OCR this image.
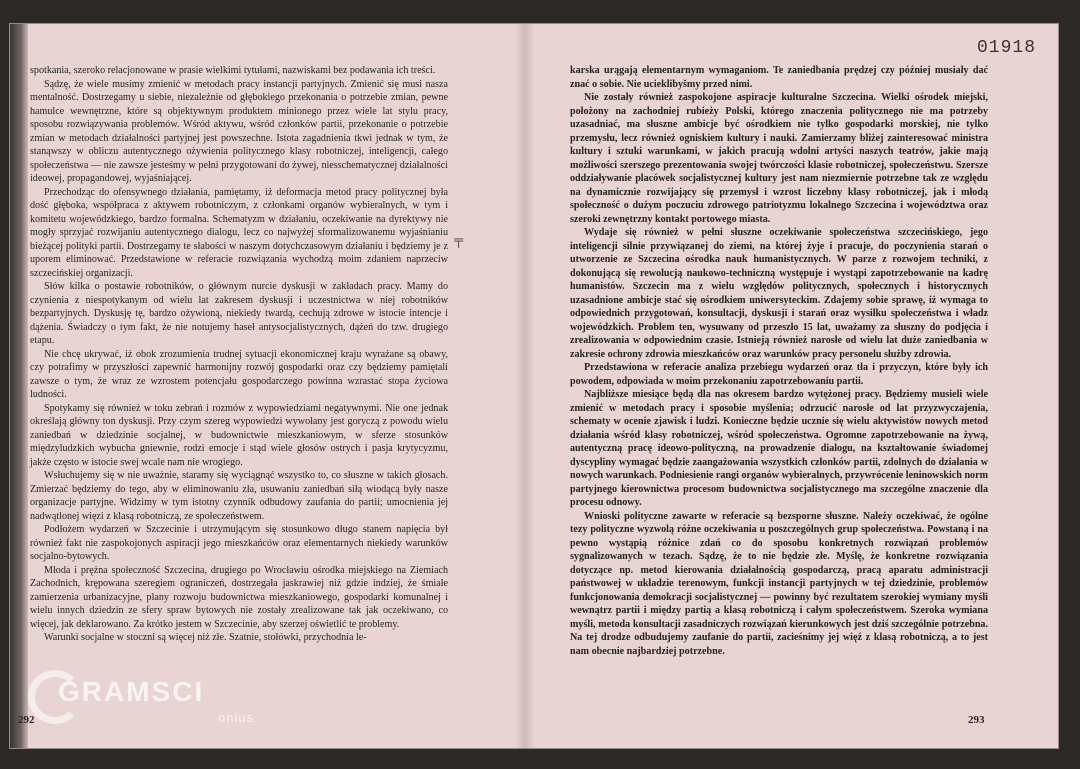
01918

spotkania, szeroko relacjonowane w prasie wielkimi tytułami, nazwiskami bez podawania ich treści.

Sądzę, że wiele musimy zmienić w metodach pracy instancji partyjnych. Zmienić się musi nasza mentalność. Dostrzegamy u siebie, niezależnie od głębokiego przekonania o potrzebie zmian, pewne hamulce wewnętrzne, które są objektywnym produktem minionego przez wiele lat stylu pracy, sposobu rozwiązywania problemów. Wśród aktywu, wśród członków partii, przekonanie o potrzebie zmian w metodach działalności partyjnej jest powszechne. Istota zagadnienia tkwi jednak w tym, że stanąwszy w obliczu autentycznego ożywienia politycznego klasy robotniczej, inteligencji, całego społeczeństwa — nie zawsze jesteśmy w pełni przygotowani do żywej, niesschematycznej działalności ideowej, propagandowej, wyjaśniającej.

Przechodząc do ofensywnego działania, pamiętamy, iż deformacja metod pracy politycznej była dość głęboka, współpraca z aktywem robotniczym, z członkami organów wybieralnych, w tym i komitetu wojewódzkiego, bardzo formalna. Schematyzm w działaniu, oczekiwanie na dyrektywy nie mogły sprzyjać rozwijaniu autentycznego dialogu, lecz co najwyżej sformalizowanemu wyjaśnianiu bieżącej polityki partii. Dostrzegamy te słabości w naszym dotychczasowym działaniu i będziemy je z uporem eliminować. Przedstawione w referacie rozwiązania wychodzą moim zdaniem naprzeciw szczecińskiej organizacji.

Słów kilka o postawie robotników, o głównym nurcie dyskusji w zakładach pracy. Mamy do czynienia z niespotykanym od wielu lat zakresem dyskusji i uczestnictwa w niej robotników bezpartyjnych. Dyskusję tę, bardzo ożywioną, niekiedy twardą, cechują zdrowe w istocie intencje i dążenia. Świadczy o tym fakt, że nie notujemy haseł antysocjalistycznych, dążeń do tzw. drugiego etapu.

Nie chcę ukrywać, iż obok zrozumienia trudnej sytuacji ekonomicznej kraju wyrażane są obawy, czy potrafimy w przyszłości zapewnić harmonijny rozwój gospodarki oraz czy będziemy pamiętali zawsze o tym, że wraz ze wzrostem potencjału gospodarczego powinna wzrastać stopa życiowa ludności.

Spotykamy się również w toku zebrań i rozmów z wypowiedziami negatywnymi. Nie one jednak określają główny ton dyskusji. Przy czym szereg wypowiedzi wywołany jest goryczą z powodu wielu zaniedbań w dziedzinie socjalnej, w budownictwie mieszkaniowym, w sferze stosunków międzyludzkich wybucha gniewnie, rodzi emocje i stąd wiele głosów ostrych i pasja krytycyzmu, jakże często w istocie swej wcale nam nie wrogiego.

Wsłuchujemy się w nie uważnie, staramy się wyciągnąć wszystko to, co słuszne w takich głosach. Zmierzać będziemy do tego, aby w eliminowaniu zła, usuwaniu zaniedbań siłą wiodącą były nasze organizacje partyjne. Widzimy w tym istotny czynnik odbudowy zaufania do partii; umocnienia jej nadwątlonej więzi z klasą robotniczą, ze społeczeństwem.

Podłożem wydarzeń w Szczecinie i utrzymującym się stosunkowo długo stanem napięcia był również fakt nie zaspokojonych aspiracji jego mieszkańców oraz elementarnych niekiedy warunków socjalno-bytowych.

Młoda i prężna społeczność Szczecina, drugiego po Wrocławiu ośrodka miejskiego na Ziemiach Zachodnich, krępowana szeregiem ograniczeń, dostrzegała jaskrawiej niż gdzie indziej, że śmiałe zamierzenia urbanizacyjne, plany rozwoju budownictwa mieszkaniowego, gospodarki komunalnej i wielu innych dziedzin ze sfery spraw bytowych nie zostały zrealizowane tak jak oczekiwano, co więcej, jak deklarowano. Za krótko jestem w Szczecinie, aby szerzej oświetlić te problemy.

Warunki socjalne w stoczni są więcej niż złe. Szatnie, stołówki, przychodnia le-

╤

karska urągają elementarnym wymaganiom. Te zaniedbania prędzej czy później musiały dać znać o sobie. Nie ucieklibyšmy przed nimi.

Nie zostały również zaspokojone aspiracje kulturalne Szczecina. Wielki ośrodek miejski, położony na zachodniej rubieży Polski, którego znaczenia politycznego nie ma potrzeby uzasadniać, ma słuszne ambicje być ośrodkiem nie tylko gospodarki morskiej, nie tylko przemysłu, lecz również ogniskiem kultury i nauki. Zamierzamy bliżej zainteresować ministra kultury i sztuki warunkami, w jakich pracują wdolni artyści naszych teatrów, jakie mają możliwości szerszego prezentowania swojej twórczości klasie robotniczej, społeczeństwu. Szersze oddziaływanie placówek socjalistycznej kultury jest nam niezmiernie potrzebne tak ze względu na dynamicznie rozwijający się przemysł i wzrost liczebny klasy robotniczej, jak i młodą społeczność o dużym poczuciu zdrowego patriotyzmu lokalnego Szczecina i województwa oraz szeroki zewnętrzny kontakt portowego miasta.

Wydaje się również w pełni słuszne oczekiwanie społeczeństwa szczecińskiego, jego inteligencji silnie przywiązanej do ziemi, na której żyje i pracuje, do poczynienia starań o utworzenie ze Szczecina ośrodka nauk humanistycznych. W parze z rozwojem techniki, z dokonującą się rewolucją naukowo-techniczną występuje i wystąpi zapotrzebowanie na kadrę humanistów. Szczecin ma z wielu względów politycznych, społecznych i historycznych uzasadnione ambicje stać się ośrodkiem uniwersyteckim. Zdajemy sobie sprawę, iż wymaga to odpowiednich przygotowań, konsultacji, dyskusji i starań oraz wysiłku społeczeństwa i władz wojewódzkich. Problem ten, wysuwany od przeszło 15 lat, uważamy za słuszny do podjęcia i zrealizowania w odpowiednim czasie. Istnieją również narosłe od wielu lat duże zaniedbania w zakresie ochrony zdrowia mieszkańców oraz warunków pracy personelu służby zdrowia.

Przedstawiona w referacie analiza przebiegu wydarzeń oraz tła i przyczyn, które były ich powodem, odpowiada w moim przekonaniu zapotrzebowaniu partii.

Najbliższe miesiące będą dla nas okresem bardzo wytężonej pracy. Będziemy musieli wiele zmienić w metodach pracy i sposobie myślenia; odrzucić narosłe od lat przyzwyczajenia, schematy w ocenie zjawisk i ludzi. Konieczne będzie ucznie się wielu aktywistów nowych metod działania wśród klasy robotniczej, wśród społeczeństwa. Ogromne zapotrzebowanie na żywą, autentyczną pracę ideowo-polityczną, na prowadzenie dialogu, na kształtowanie świadomej dyscypliny wymagać będzie zaangażowania wszystkich członków partii, zdolnych do działania w nowych warunkach. Podniesienie rangi organów wybieralnych, przywrócenie leninowskich norm partyjnego kierownictwa procesom budownictwa socjalistycznego ma szczególne znaczenie dla procesu odnowy.

Wnioski polityczne zawarte w referacie są bezsporne słuszne. Należy oczekiwać, że ogólne tezy polityczne wyzwolą różne oczekiwania u poszczególnych grup społeczeństwa. Powstaną i na pewno wystąpią różnice zdań co do sposobu konkretnych rozwiązań problemów sygnalizowanych w tezach. Sądzę, że to nie będzie złe. Myślę, że konkretne rozwiązania dotyczące np. metod kierowania działalnością gospodarczą, pracą aparatu administracji państwowej w układzie terenowym, funkcji instancji partyjnych w tej dziedzinie, problemów funkcjonowania demokracji socjalistycznej — powinny być rezultatem szerokiej wymiany myśli wewnątrz partii i między partią a klasą robotniczą i całym społeczeństwem. Szeroka wymiana myśli, metoda konsultacji zasadniczych rozwiązań kierunkowych jest dziś szczególnie potrzebna. Na tej drodze odbudujemy zaufanie do partii, zacieśnimy jej więź z klasą robotniczą, a to jest nam obecnie najbardziej potrzebne.

292	293
GRAMSCI
onlus
